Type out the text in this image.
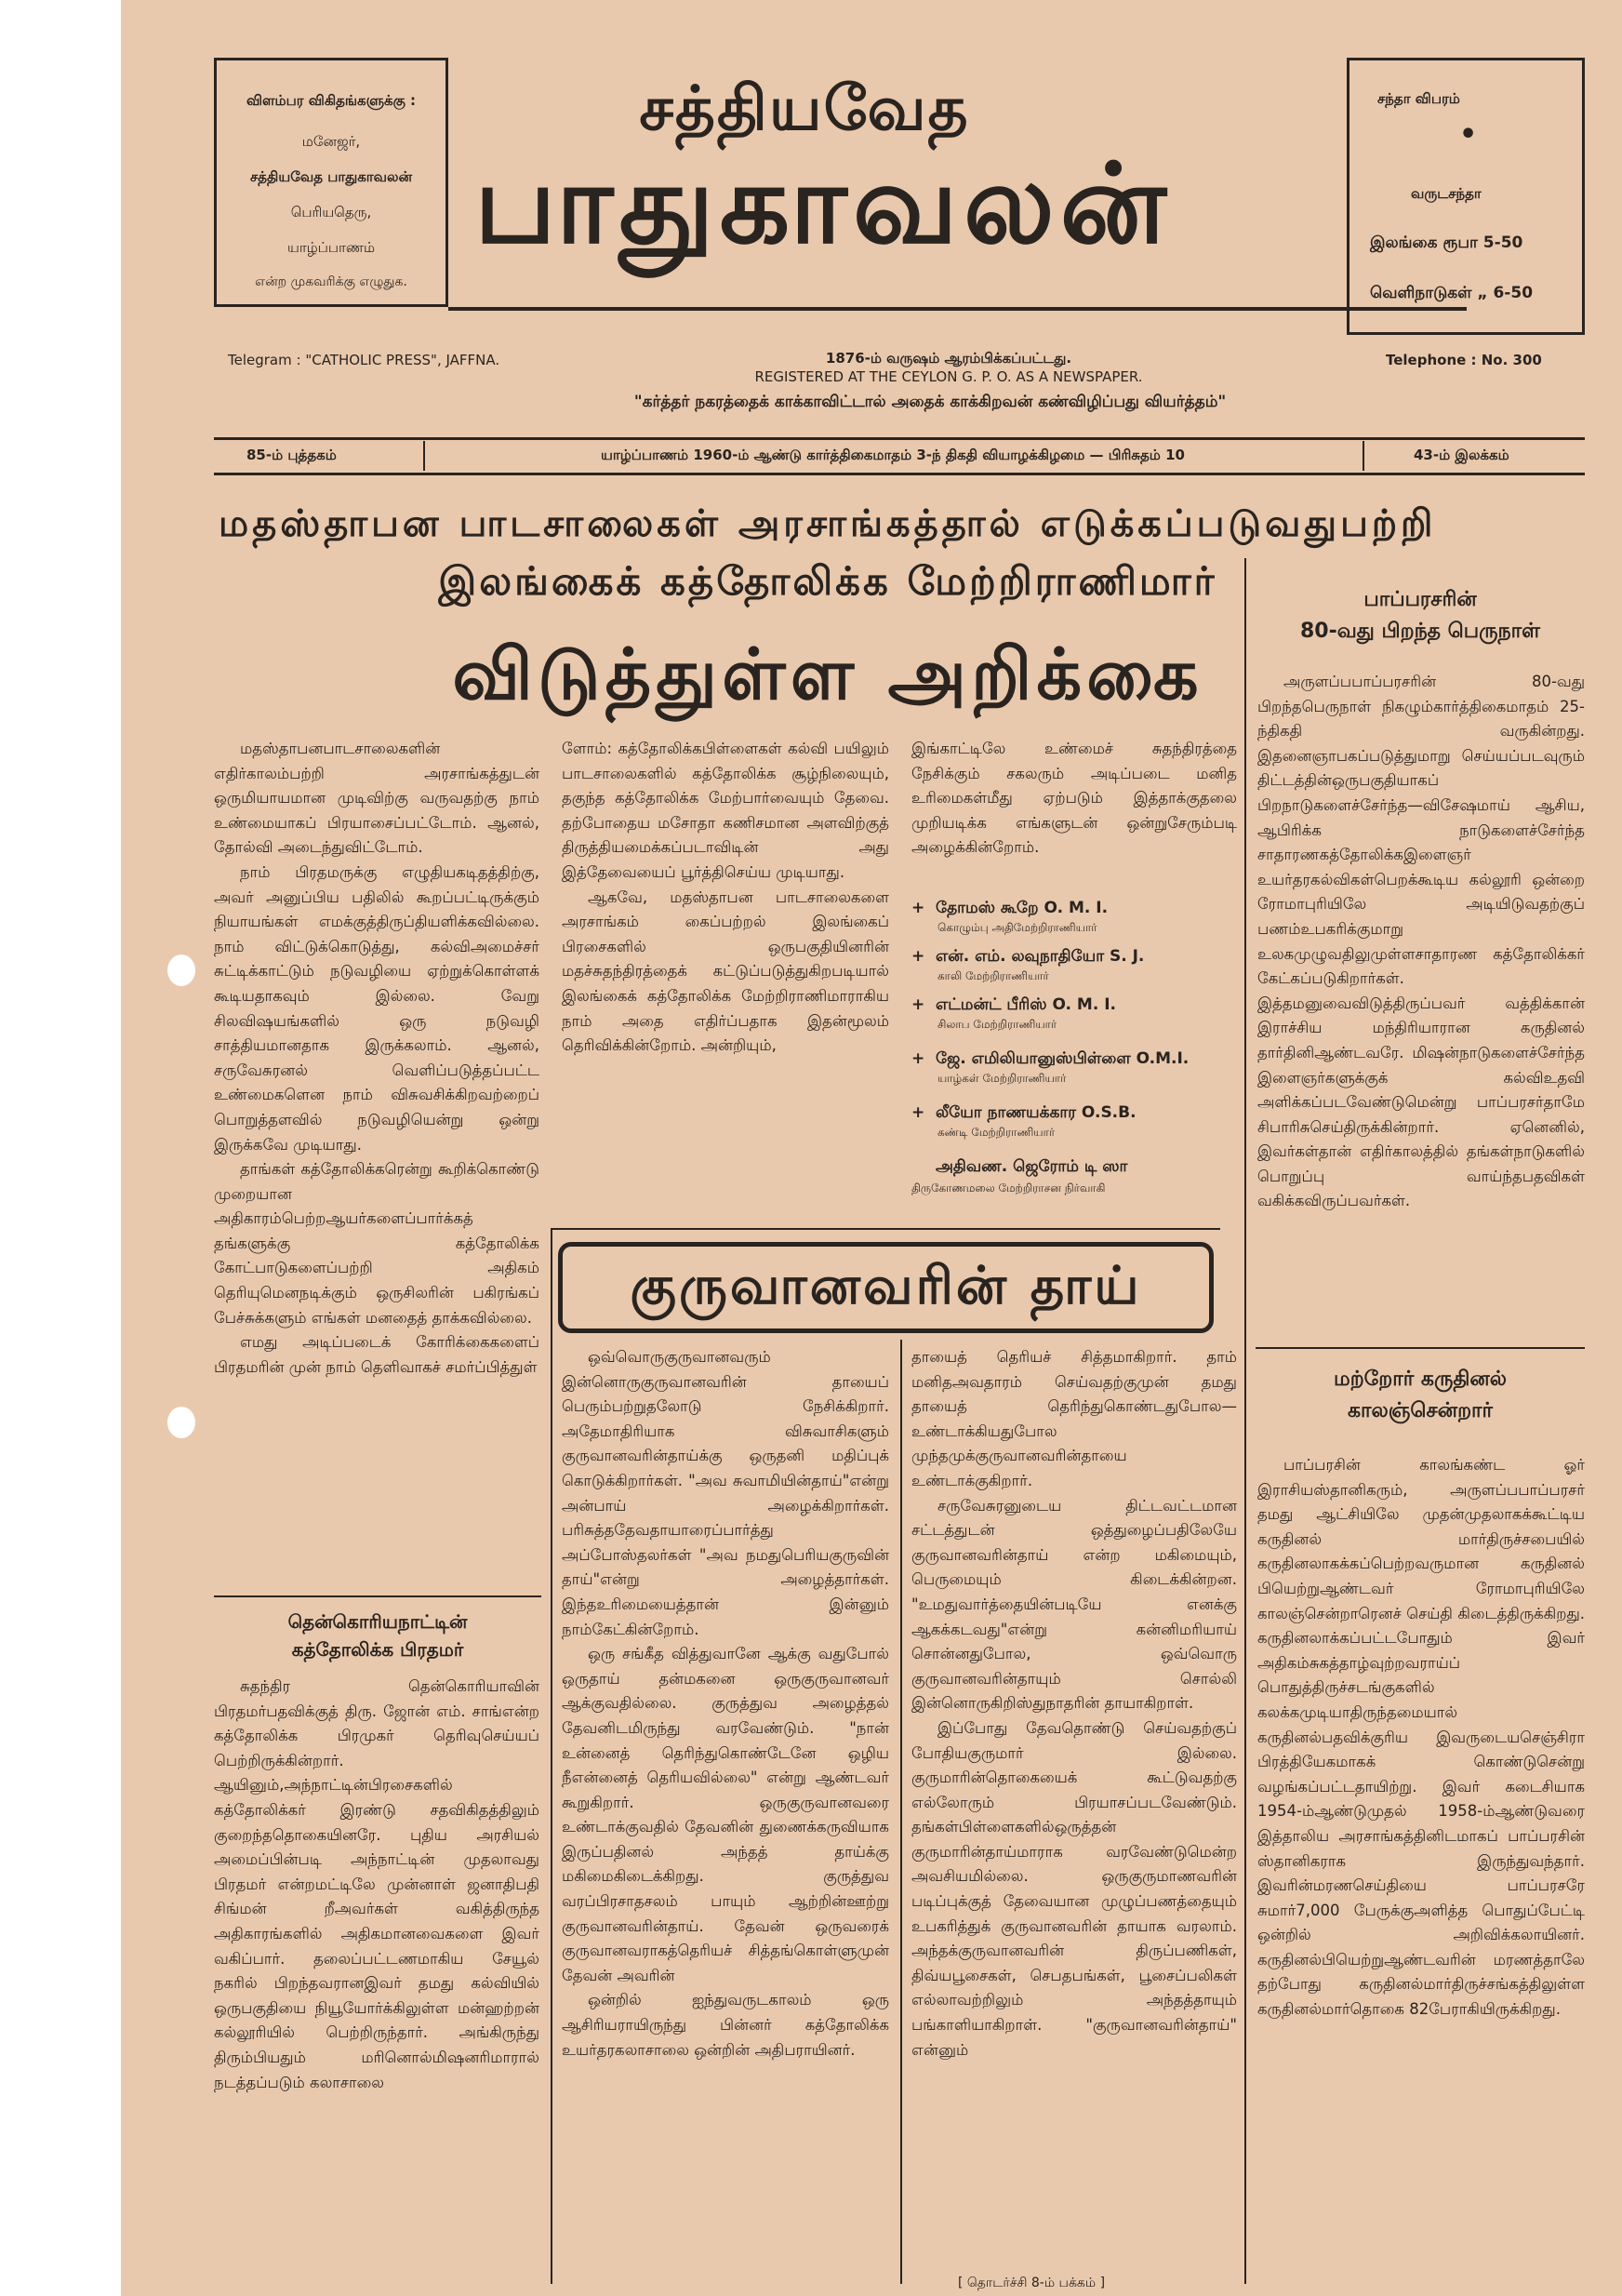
விளம்பர விகிதங்களுக்கு :
மனேஜர்,
சத்தியவேத பாதுகாவலன்
பெரியதெரு,
யாழ்ப்பாணம்
என்ற முகவரிக்கு எழுதுக.
சத்தியவேத
பாதுகாவலன்
சந்தா விபரம்
•
வருடசந்தா
இலங்கை ரூபா 5-50
வெளிநாடுகள் „ 6-50
Telegram : "CATHOLIC PRESS", JAFFNA.	1876-ம் வருஷம் ஆரம்பிக்கப்பட்டது.
REGISTERED AT THE CEYLON G. P. O. AS A NEWSPAPER.
Telephone : No. 300
"கர்த்தர் நகரத்தைக் காக்காவிட்டால் அதைக் காக்கிறவன் கண்விழிப்பது வியர்த்தம்"
85-ம் புத்தகம்	யாழ்ப்பாணம் 1960-ம் ஆண்டு கார்த்திகைமாதம் 3-ந் திகதி வியாழக்கிழமை — பிரிசுதம் 10	43-ம் இலக்கம்
மதஸ்தாபன பாடசாலைகள் அரசாங்கத்தால் எடுக்கப்படுவதுபற்றி
இலங்கைக் கத்தோலிக்க மேற்றிராணிமார்
விடுத்துள்ள அறிக்கை

மதஸ்தாபனபாடசாலைகளின் எதிர்காலம்பற்றி அரசாங்கத்துடன் ஒருமியாயமான முடிவிற்கு வருவதற்கு நாம் உண்மையாகப் பிரயாசைப்பட்டோம். ஆனல், தோல்வி அடைந்துவிட்டோம்.

நாம் பிரதமருக்கு எழுதியகடிதத்திற்கு, அவர் அனுப்பிய பதிலில் கூறப்பட்டிருக்கும் நியாயங்கள் எமக்குத்திருப்தியளிக்கவில்லை. நாம் விட்டுக்கொடுத்து, கல்விஅமைச்சர் சுட்டிக்காட்டும் நடுவழியை ஏற்றுக்கொள்ளக் கூடியதாகவும் இல்லை. வேறு சிலவிஷயங்களில் ஒரு நடுவழி சாத்தியமானதாக இருக்கலாம். ஆனல், சருவேசுரனல் வெளிப்படுத்தப்பட்ட உண்மைகளென நாம் விசுவசிக்கிறவற்றைப் பொறுத்தளவில் நடுவழியென்று ஒன்று இருக்கவே முடியாது.

தாங்கள் கத்தோலிக்கரென்று கூறிக்கொண்டு முறையான அதிகாரம்பெற்றஆயர்களைப்பார்க்கத் தங்களுக்கு கத்தோலிக்க கோட்பாடுகளைப்பற்றி அதிகம் தெரியுமெனநடிக்கும் ஒருசிலரின் பகிரங்கப் பேச்சுக்களும் எங்கள் மனதைத் தாக்கவில்லை.

எமது அடிப்படைக் கோரிக்கைகளைப் பிரதமரின் முன் நாம் தெளிவாகச் சமர்ப்பித்துள்

ளோம்: கத்தோலிக்கபிள்ளைகள் கல்வி பயிலும் பாடசாலைகளில் கத்தோலிக்க சூழ்நிலையும், தகுந்த கத்தோலிக்க மேற்பார்வையும் தேவை. தற்போதைய மசோதா கணிசமான அளவிற்குத் திருத்தியமைக்கப்படாவிடின் அது இத்தேவையைப் பூர்த்திசெய்ய முடியாது.

ஆகவே, மதஸ்தாபன பாடசாலைகளை அரசாங்கம் கைப்பற்றல் இலங்கைப் பிரசைகளில் ஒருபகுதியினரின் மதச்சுதந்திரத்தைக் கட்டுப்படுத்துகிறபடியால் இலங்கைக் கத்தோலிக்க மேற்றிராணிமாராகிய நாம் அதை எதிர்ப்பதாக இதன்மூலம் தெரிவிக்கின்றோம். அன்றியும்,

இங்காட்டிலே உண்மைச் சுதந்திரத்தை நேசிக்கும் சகலரும் அடிப்படை மனித உரிமைகள்மீது ஏற்படும் இத்தாக்குதலை முறியடிக்க எங்களுடன் ஒன்றுசேரும்படி அழைக்கின்றோம்.

+ தோமஸ் கூறே O. M. I.
கொழும்பு அதிமேற்றிராணியார்
+ என். எம். லவுநாதியோ S. J.
காலி மேற்றிராணியார்
+ எட்மன்ட் பீரிஸ் O. M. I.
சிலாப மேற்றிராணியார்
+ ஜே. எமிலியானுஸ்பிள்ளை O.M.I.
யாழ்கள் மேற்றிராணியார்
+ லீயோ நாணயக்கார O.S.B.
கண்டி மேற்றிராணியார்
அதிவண. ஜெரோம் டி ஸா
திருகோணமலை மேற்றிராசன நிர்வாகி
பாப்பரசரின்
80-வது பிறந்த பெருநாள்

அருளப்பபாப்பரசரின் 80-வது பிறந்தபெருநாள் நிகழும்கார்த்திகைமாதம் 25-ந்திகதி வருகின்றது. இதனைஞாபகப்படுத்துமாறு செய்யப்படவுரும் திட்டத்தின்ஒருபகுதியாகப் பிறநாடுகளைச்சேர்ந்த—விசேஷமாய் ஆசிய, ஆபிரிக்க நாடுகளைச்சேர்ந்த சாதாரணகத்தோலிக்கஇளைஞர் உயர்தரகல்விகள்பெறக்கூடிய கல்லூரி ஒன்றை ரோமாபுரியிலே அடியிடுவதற்குப் பணம்உபகரிக்குமாறு உலகமுழுவதிலுமுள்ளசாதாரண கத்தோலிக்கர் கேட்கப்படுகிறார்கள். இத்தமனுவைவிடுத்திருப்பவர் வத்திக்கான் இராச்சிய மந்திரியாரான கருதினல் தார்தினிஆண்டவரே. மிஷன்நாடுகளைச்சேர்ந்த இளைஞர்களுக்குக் கல்விஉதவி அளிக்கப்படவேண்டுமென்று பாப்பரசர்தாமே சிபாரிசுசெய்திருக்கின்றார். ஏனெனில், இவர்கள்தான் எதிர்காலத்தில் தங்கள்நாடுகளில் பொறுப்பு வாய்ந்தபதவிகள் வகிக்கவிருப்பவர்கள்.

மற்றோர் கருதினல்
காலஞ்சென்றார்

பாப்பரசின் காலங்கண்ட ஓர் இராசியஸ்தானிகரும், அருளப்பபாப்பரசர் தமது ஆட்சியிலே முதன்முதலாகக்கூட்டிய கருதினல் மார்திருச்சபையில் கருதினலாகக்கப்பெற்றவருமான கருதினல் பியெற்றுஆண்டவர் ரோமாபுரியிலே காலஞ்சென்றாரெனச் செய்தி கிடைத்திருக்கிறது. கருதினலாக்கப்பட்டபோதும் இவர் அதிகம்சுகத்தாழ்வுற்றவராய்ப் பொதுத்திருச்சடங்குகளில் கலக்கமுடியாதிருந்தமையால் கருதினல்பதவிக்குரிய இவருடையசெஞ்சிரா பிரத்தியேகமாகக் கொண்டுசென்று வழங்கப்பட்டதாயிற்று. இவர் கடைசியாக 1954-ம்ஆண்டுமுதல் 1958-ம்ஆண்டுவரை இத்தாலிய அரசாங்கத்தினிடமாகப் பாப்பரசின் ஸ்தானிகராக இருந்துவந்தார். இவரின்மரணசெய்தியை பாப்பரசரே சுமார்7,000 பேருக்குஅளித்த பொதுப்பேட்டி ஒன்றில் அறிவிக்கலாயினர். கருதினல்பியெற்றுஆண்டவரின் மரணத்தாலே தற்போது கருதினல்மார்திருச்சங்கத்திலுள்ள கருதினல்மார்தொகை 82பேராகியிருக்கிறது.

தென்கொரியநாட்டின்
கத்தோலிக்க பிரதமர்

சுதந்திர தென்கொரியாவின் பிரதமர்பதவிக்குத் திரு. ஜோன் எம். சாங்என்ற கத்தோலிக்க பிரமுகர் தெரிவுசெய்யப் பெற்றிருக்கின்றார். ஆயினும்,அந்நாட்டின்பிரசைகளில் கத்தோலிக்கர் இரண்டு சதவிகிதத்திலும் குறைந்ததொகையினரே. புதிய அரசியல் அமைப்பின்படி அந்நாட்டின் முதலாவது பிரதமர் என்றமட்டிலே முன்னாள் ஜனாதிபதி சிங்மன் றீஅவர்கள் வகித்திருந்த அதிகாரங்களில் அதிகமானவைகளை இவர் வகிப்பார். தலைப்பட்டணமாகிய சேயூல் நகரில் பிறந்தவரானஇவர் தமது கல்வியில் ஒருபகுதியை நியூயோர்க்கிலுள்ள மன்ஹற்றன் கல்லூரியில் பெற்றிருந்தார். அங்கிருந்து திரும்பியதும் மரினொல்மிஷனரிமாரால் நடத்தப்படும் கலாசாலை

குருவானவரின் தாய்

ஒவ்வொருகுருவானவரும் இன்னொருகுருவானவரின் தாயைப் பெரும்பற்றுதலோடு நேசிக்கிறார். அதேமாதிரியாக விசுவாசிகளும் குருவானவரின்தாய்க்கு ஒருதனி மதிப்புக் கொடுக்கிறார்கள். "அவ சுவாமியின்தாய்"என்று அன்பாய் அழைக்கிறார்கள். பரிசுத்ததேவதாயாரைப்பார்த்து அப்போஸ்தலர்கள் "அவ நமதுபெரியகுருவின் தாய்"என்று அழைத்தார்கள். இந்தஉரிமையைத்தான் இன்னும் நாம்கேட்கின்றோம்.

ஒரு சங்கீத வித்துவானே ஆக்கு வதுபோல் ஒருதாய் தன்மகனை ஒருகுருவானவர் ஆக்குவதில்லை. குருத்துவ அழைத்தல் தேவனிடமிருந்து வரவேண்டும். "நான் உன்னைத் தெரிந்துகொண்டேனே ஒழிய நீஎன்னைத் தெரியவில்லை" என்று ஆண்டவர் கூறுகிறார். ஒருகுருவானவரை உண்டாக்குவதில் தேவனின் துணைக்கருவியாக இருப்பதினல் அந்தத் தாய்க்கு மகிமைகிடைக்கிறது. குருத்துவ வரப்பிரசாதசலம் பாயும் ஆற்றின்ஊற்று குருவானவரின்தாய். தேவன் ஒருவரைக் குருவானவராகத்தெரியச் சித்தங்கொள்ளுமுன் தேவன் அவரின்

ஒன்றில் ஐந்துவருடகாலம் ஒரு ஆசிரியராயிருந்து பின்னர் கத்தோலிக்க உயர்தரகலாசாலை ஒன்றின் அதிபராயினர்.

தாயைத் தெரியச் சித்தமாகிறார். தாம் மனிதஅவதாரம் செய்வதற்குமுன் தமது தாயைத் தெரிந்துகொண்டதுபோல— உண்டாக்கியதுபோல முந்தமுக்குருவானவரின்தாயை உண்டாக்குகிறார்.

சருவேசுரனுடைய திட்டவட்டமான சட்டத்துடன் ஒத்துழைப்பதிலேயே குருவானவரின்தாய் என்ற மகிமையும், பெருமையும் கிடைக்கின்றன. "உமதுவார்த்தையின்படியே எனக்கு ஆகக்கடவது"என்று கன்னிமரியாய் சொன்னதுபோல, ஒவ்வொரு குருவானவரின்தாயும் சொல்லி இன்னொருகிறிஸ்துநாதரின் தாயாகிறாள்.

இப்போது தேவதொண்டு செய்வதற்குப் போதியகுருமார் இல்லை. குருமாரின்தொகையைக் கூட்டுவதற்கு எல்லோரும் பிரயாசப்படவேண்டும். தங்கள்பிள்ளைகளில்ஒருத்தன் குருமாரின்தாய்மாராக வரவேண்டுமென்ற அவசியமில்லை. ஒருகுருமாணவரின் படிப்புக்குத் தேவையான முழுப்பணத்தையும் உபகரித்துக் குருவானவரின் தாயாக வரலாம். அந்தக்குருவானவரின் திருப்பணிகள், திவ்யபூசைகள், செபதபங்கள், பூசைப்பலிகள் எல்லாவற்றிலும் அந்தத்தாயும் பங்காளியாகிறாள். "குருவானவரின்தாய்" என்னும்

[ தொடர்ச்சி 8-ம் பக்கம் ]
